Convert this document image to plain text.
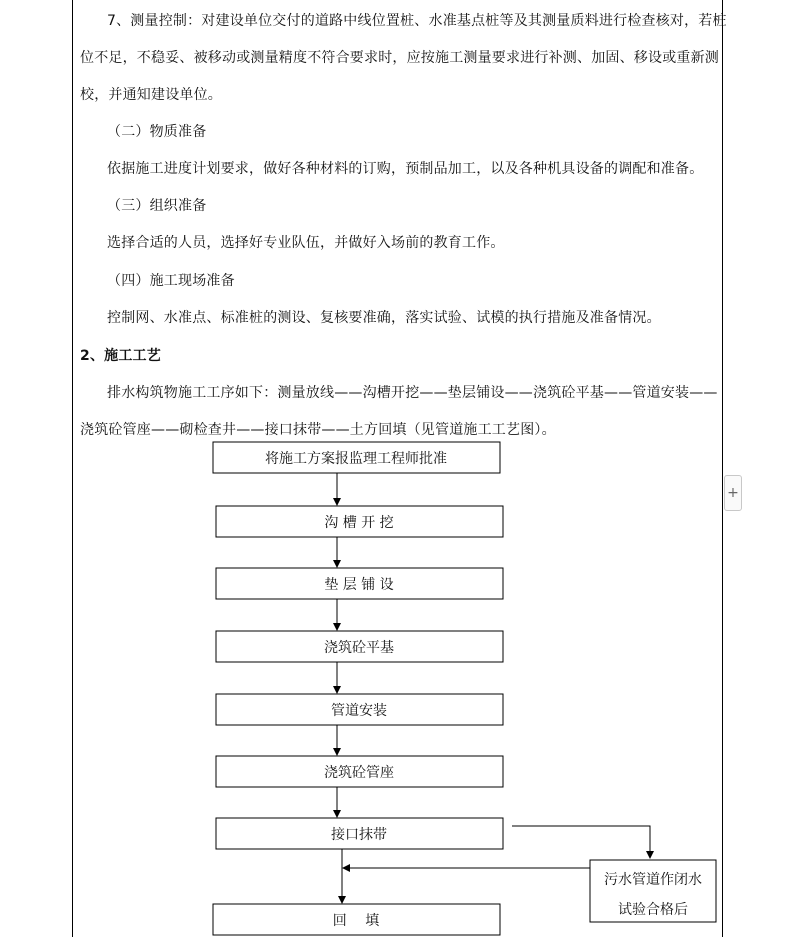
7、测量控制：对建设单位交付的道路中线位置桩、水准基点桩等及其测量质料进行检查核对，若桩
位不足，不稳妥、被移动或测量精度不符合要求时，应按施工测量要求进行补测、加固、移设或重新测
校，并通知建设单位。
（二）物质准备
依据施工进度计划要求，做好各种材料的订购，预制品加工，以及各种机具设备的调配和准备。
（三）组织准备
选择合适的人员，选择好专业队伍，并做好入场前的教育工作。
（四）施工现场准备
控制网、水准点、标准桩的测设、复核要准确，落实试验、试模的执行措施及准备情况。
2、施工工艺
排水构筑物施工工序如下：测量放线——沟槽开挖——垫层铺设——浇筑砼平基——管道安装——
浇筑砼管座——砌检查井——接口抹带——土方回填（见管道施工工艺图）。
+
将施工方案报监理工程师批准
沟 槽 开 挖
垫 层 铺 设
浇筑砼平基
管道安装
浇筑砼管座
接口抹带
回　 填
污水管道作闭水
试验合格后
